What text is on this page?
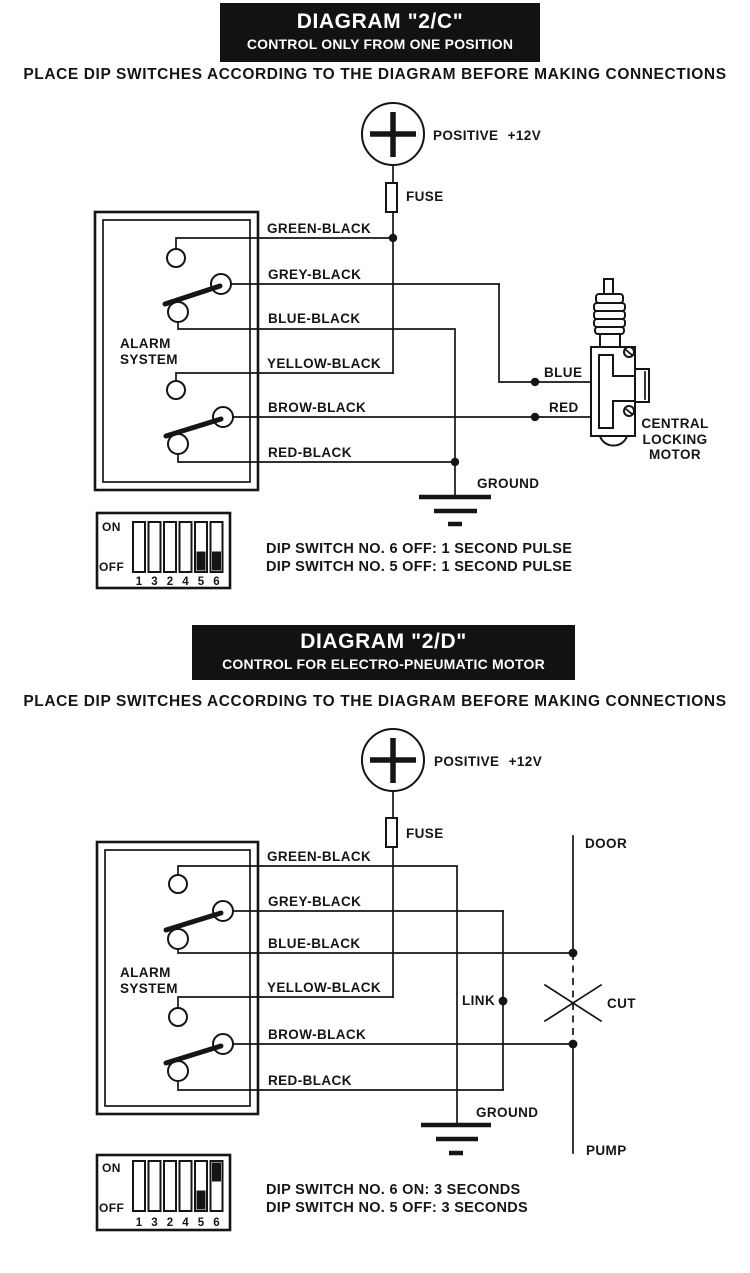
POSITIVE +12V
FUSE
ALARM
SYSTEM
GREEN-BLACK
GREY-BLACK
BLUE-BLACK
YELLOW-BLACK
BROW-BLACK
RED-BLACK
BLUE
RED
GROUND
CENTRAL
LOCKING
MOTOR
ON
OFF
1 3 2 4 5 6
POSITIVE +12V
FUSE
ALARM
SYSTEM
GREEN-BLACK
GREY-BLACK
BLUE-BLACK
YELLOW-BLACK
BROW-BLACK
RED-BLACK
DOOR
CUT
PUMP
LINK
GROUND
ON
OFF
1 3 2 4 5 6
DIAGRAM "2/C"
CONTROL ONLY FROM ONE POSITION
PLACE DIP SWITCHES ACCORDING TO THE DIAGRAM BEFORE MAKING CONNECTIONS
DIP SWITCH NO. 6 OFF: 1 SECOND PULSE
DIP SWITCH NO. 5 OFF: 1 SECOND PULSE
DIAGRAM "2/D"
CONTROL FOR ELECTRO-PNEUMATIC MOTOR
PLACE DIP SWITCHES ACCORDING TO THE DIAGRAM BEFORE MAKING CONNECTIONS
DIP SWITCH NO. 6 ON: 3 SECONDS
DIP SWITCH NO. 5 OFF: 3 SECONDS
